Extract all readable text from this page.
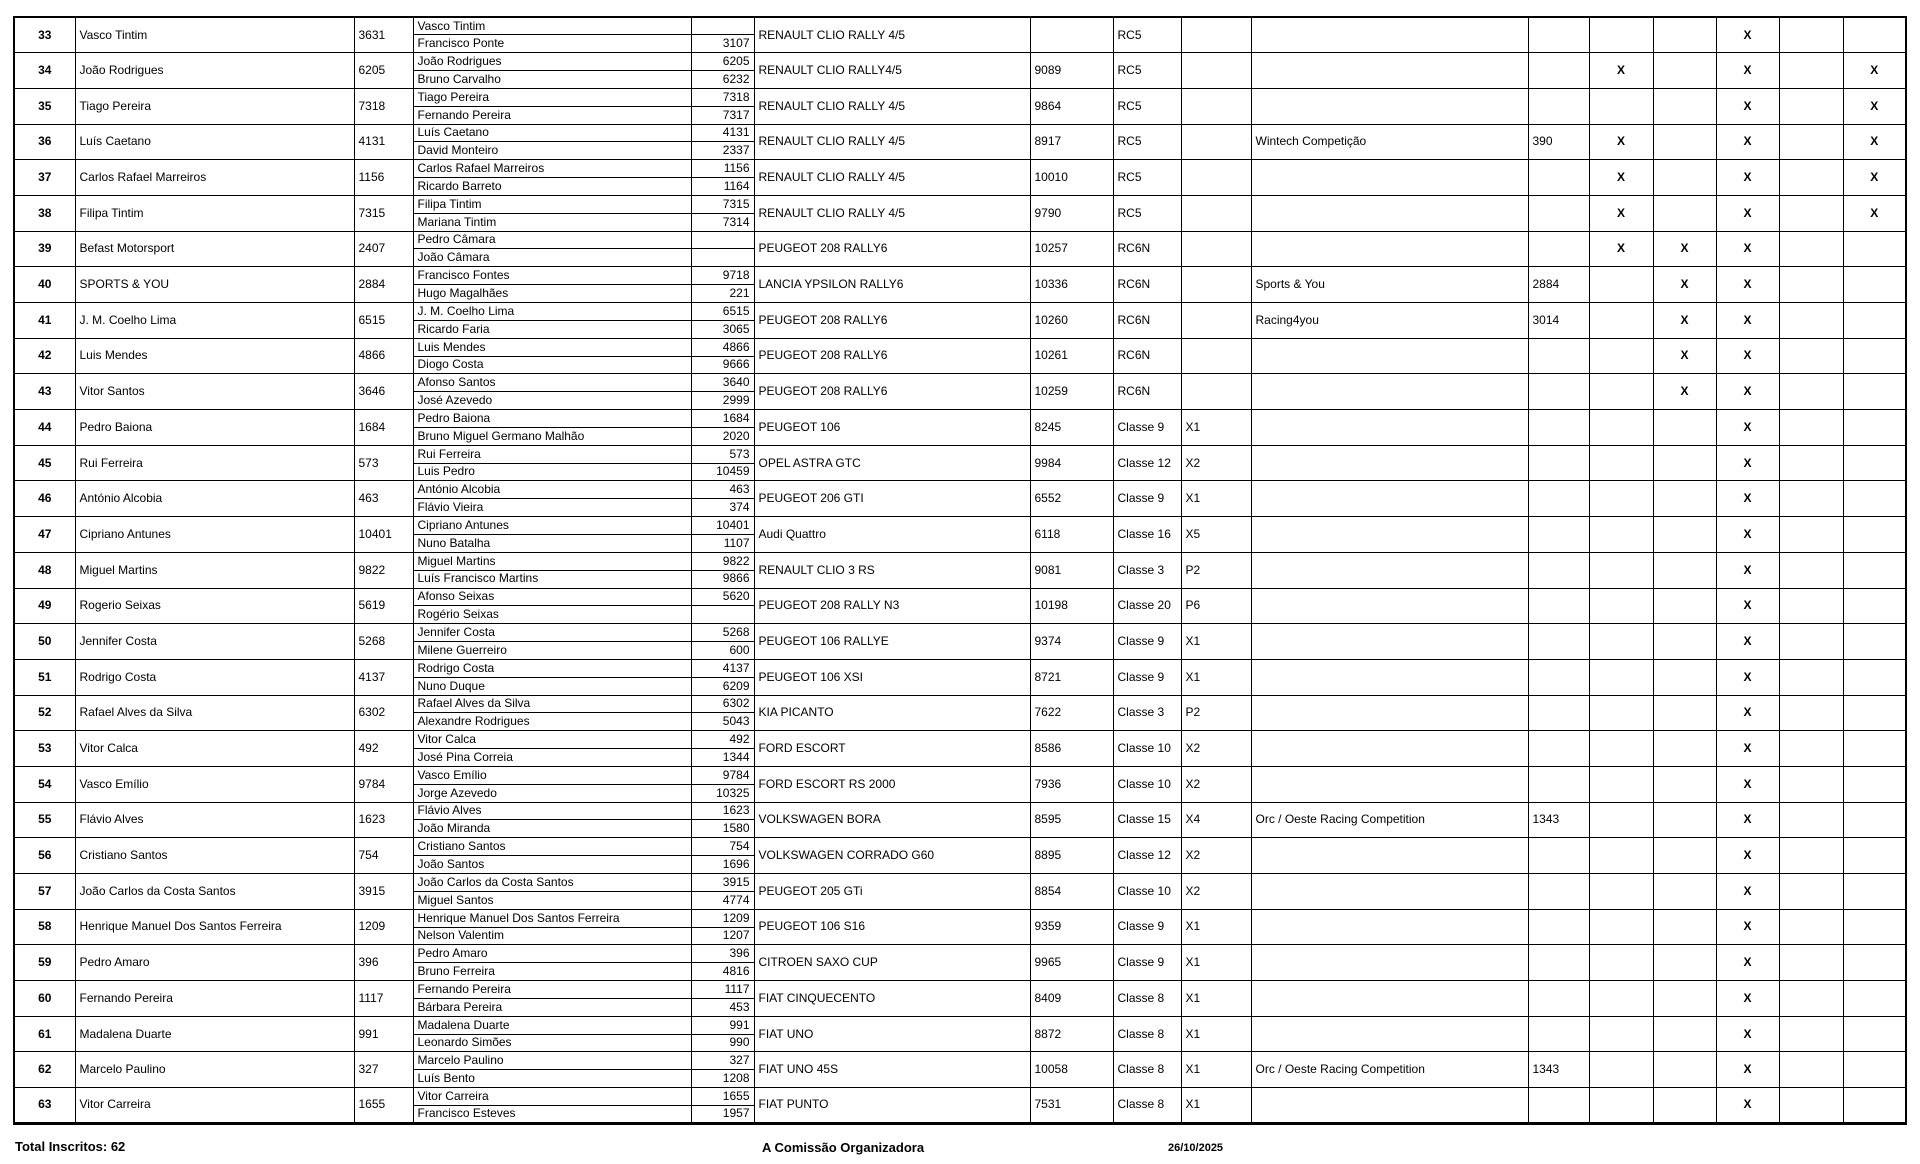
33	Vasco Tintim	3631	Vasco Tintim		RENAULT CLIO RALLY 4/5		RC5						X		
			Francisco Ponte	3107											
34	João Rodrigues	6205	João Rodrigues	6205	RENAULT CLIO RALLY4/5	9089	RC5				X		X		X
			Bruno Carvalho	6232											
35	Tiago Pereira	7318	Tiago Pereira	7318	RENAULT CLIO RALLY 4/5	9864	RC5						X		X
			Fernando Pereira	7317											
36	Luís Caetano	4131	Luís Caetano	4131	RENAULT CLIO RALLY 4/5	8917	RC5		Wintech Competição	390	X		X		X
			David Monteiro	2337											
37	Carlos Rafael Marreiros	1156	Carlos Rafael Marreiros	1156	RENAULT CLIO RALLY 4/5	10010	RC5				X		X		X
			Ricardo Barreto	1164											
38	Filipa Tintim	7315	Filipa Tintim	7315	RENAULT CLIO RALLY 4/5	9790	RC5				X		X		X
			Mariana Tintim	7314											
39	Befast Motorsport	2407	Pedro Câmara		PEUGEOT 208 RALLY6	10257	RC6N				X	X	X		
			João Câmara												
40	SPORTS & YOU	2884	Francisco Fontes	9718	LANCIA YPSILON RALLY6	10336	RC6N		Sports & You	2884		X	X		
			Hugo Magalhães	221											
41	J. M. Coelho Lima	6515	J. M. Coelho Lima	6515	PEUGEOT 208 RALLY6	10260	RC6N		Racing4you	3014		X	X		
			Ricardo Faria	3065											
42	Luis Mendes	4866	Luis Mendes	4866	PEUGEOT 208 RALLY6	10261	RC6N					X	X		
			Diogo Costa	9666											
43	Vitor Santos	3646	Afonso Santos	3640	PEUGEOT 208 RALLY6	10259	RC6N					X	X		
			José Azevedo	2999											
44	Pedro Baiona	1684	Pedro Baiona	1684	PEUGEOT 106	8245	Classe 9	X1					X		
			Bruno Miguel Germano Malhão	2020											
45	Rui Ferreira	573	Rui Ferreira	573	OPEL ASTRA GTC	9984	Classe 12	X2					X		
			Luis Pedro	10459											
46	António Alcobia	463	António Alcobia	463	PEUGEOT 206 GTI	6552	Classe 9	X1					X		
			Flávio Vieira	374											
47	Cipriano Antunes	10401	Cipriano Antunes	10401	Audi Quattro	6118	Classe 16	X5					X		
			Nuno Batalha	1107											
48	Miguel Martins	9822	Miguel Martins	9822	RENAULT CLIO 3 RS	9081	Classe 3	P2					X		
			Luís Francisco Martins	9866											
49	Rogerio Seixas	5619	Afonso Seixas	5620	PEUGEOT 208 RALLY N3	10198	Classe 20	P6					X		
			Rogério Seixas												
50	Jennifer Costa	5268	Jennifer Costa	5268	PEUGEOT 106 RALLYE	9374	Classe 9	X1					X		
			Milene Guerreiro	600											
51	Rodrigo Costa	4137	Rodrigo Costa	4137	PEUGEOT 106 XSI	8721	Classe 9	X1					X		
			Nuno Duque	6209											
52	Rafael Alves da Silva	6302	Rafael Alves da Silva	6302	KIA PICANTO	7622	Classe 3	P2					X		
			Alexandre Rodrigues	5043											
53	Vitor Calca	492	Vitor Calca	492	FORD ESCORT	8586	Classe 10	X2					X		
			José Pina Correia	1344											
54	Vasco Emílio	9784	Vasco Emílio	9784	FORD ESCORT RS 2000	7936	Classe 10	X2					X		
			Jorge Azevedo	10325											
55	Flávio Alves	1623	Flávio Alves	1623	VOLKSWAGEN BORA	8595	Classe 15	X4	Orc / Oeste Racing Competition	1343			X		
			João Miranda	1580											
56	Cristiano Santos	754	Cristiano Santos	754	VOLKSWAGEN CORRADO G60	8895	Classe 12	X2					X		
			João Santos	1696											
57	João Carlos da Costa Santos	3915	João Carlos da Costa Santos	3915	PEUGEOT 205 GTi	8854	Classe 10	X2					X		
			Miguel Santos	4774											
58	Henrique Manuel Dos Santos Ferreira	1209	Henrique Manuel Dos Santos Ferreira	1209	PEUGEOT 106 S16	9359	Classe 9	X1					X		
			Nelson Valentim	1207											
59	Pedro Amaro	396	Pedro Amaro	396	CITROEN SAXO CUP	9965	Classe 9	X1					X		
			Bruno Ferreira	4816											
60	Fernando Pereira	1117	Fernando Pereira	1117	FIAT CINQUECENTO	8409	Classe 8	X1					X		
			Bárbara Pereira	453											
61	Madalena Duarte	991	Madalena Duarte	991	FIAT UNO	8872	Classe 8	X1					X		
			Leonardo Simões	990											
62	Marcelo Paulino	327	Marcelo Paulino	327	FIAT UNO 45S	10058	Classe 8	X1	Orc / Oeste Racing Competition	1343			X		
			Luís Bento	1208											
63	Vitor Carreira	1655	Vitor Carreira	1655	FIAT PUNTO	7531	Classe 8	X1					X		
			Francisco Esteves	1957											
Total Inscritos: 62	A Comissão Organizadora	26/10/2025
